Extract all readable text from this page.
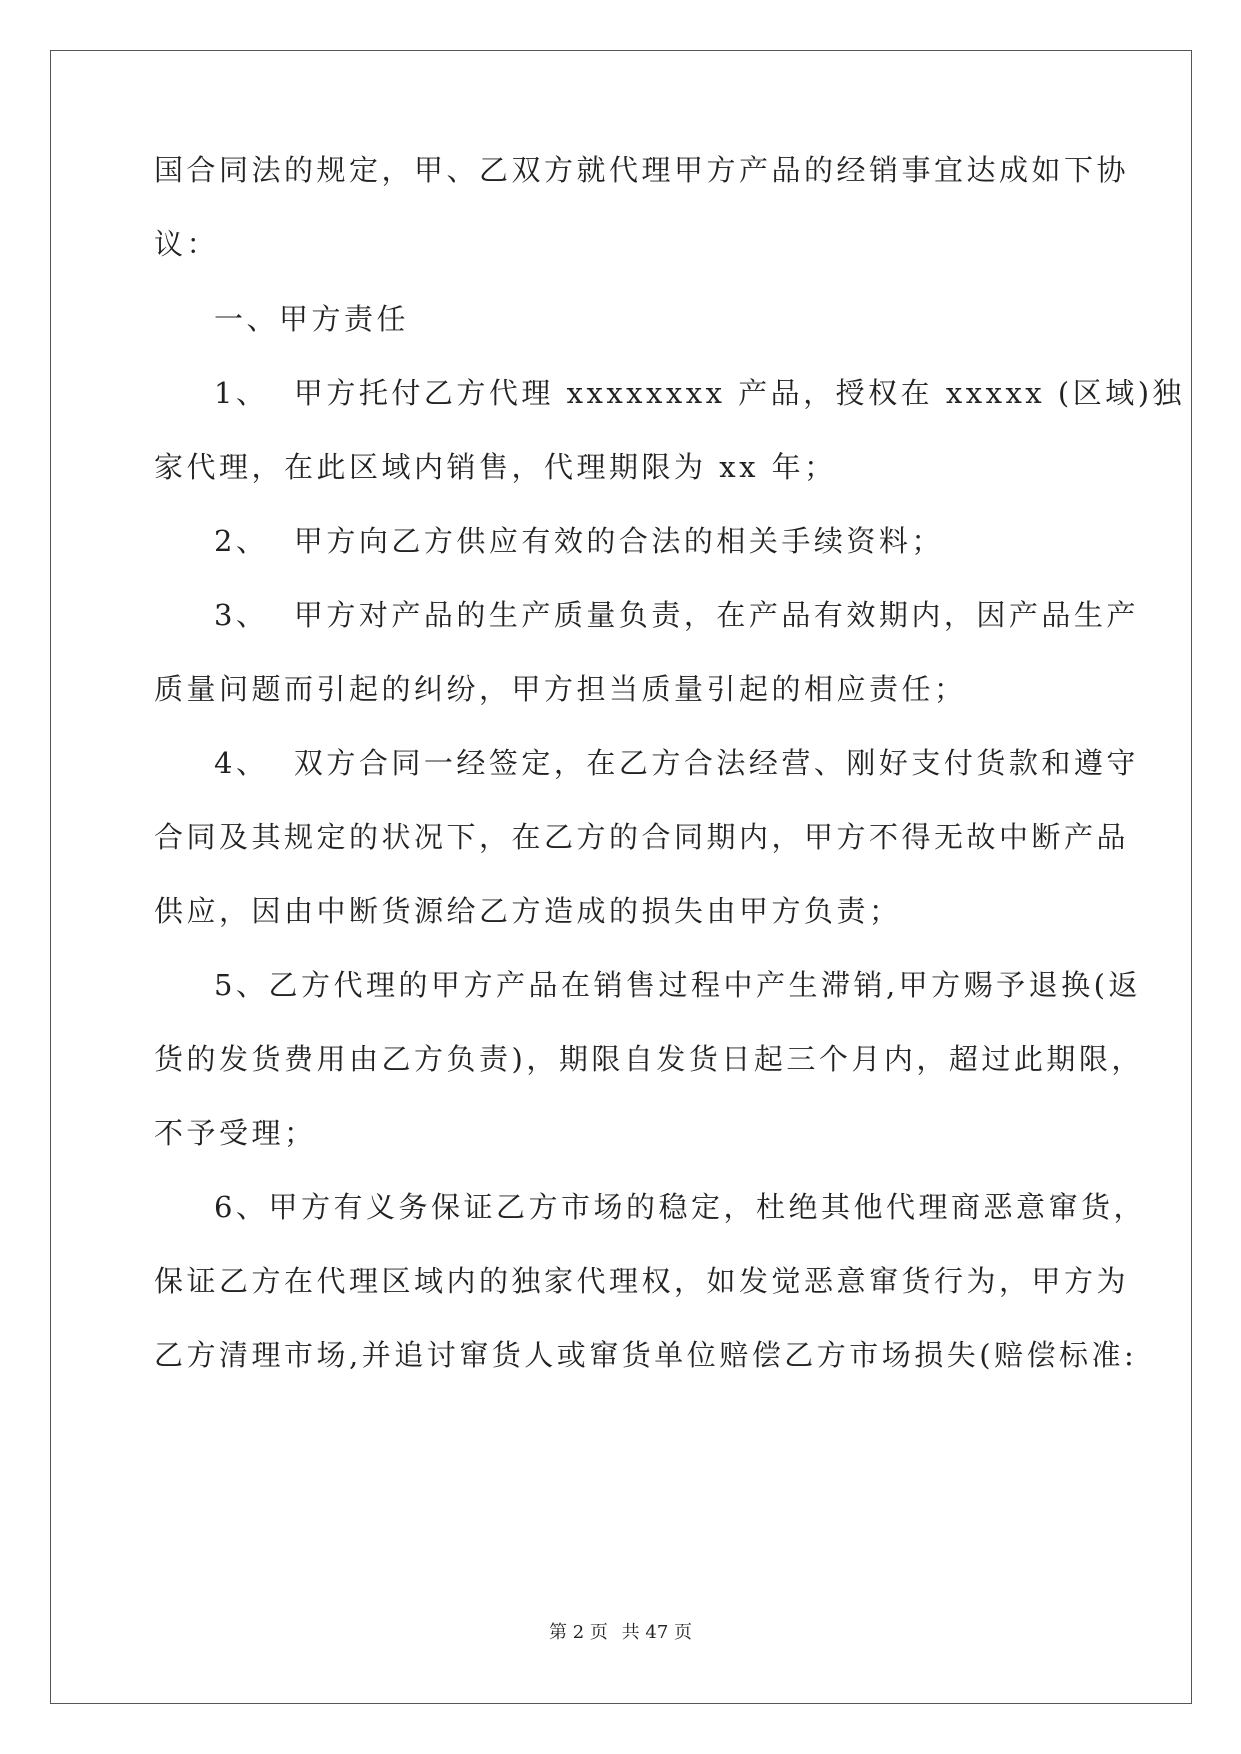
国合同法的规定，甲、乙双方就代理甲方产品的经销事宜达成如下协
议：
一、甲方责任
1、  甲方托付乙方代理 xxxxxxxx 产品，授权在 xxxxx (区域)独
家代理，在此区域内销售，代理期限为 xx 年；
2、  甲方向乙方供应有效的合法的相关手续资料；
3、  甲方对产品的生产质量负责，在产品有效期内，因产品生产
质量问题而引起的纠纷，甲方担当质量引起的相应责任；
4、  双方合同一经签定，在乙方合法经营、刚好支付货款和遵守
合同及其规定的状况下，在乙方的合同期内，甲方不得无故中断产品
供应，因由中断货源给乙方造成的损失由甲方负责；
5、乙方代理的甲方产品在销售过程中产生滞销,甲方赐予退换(返
货的发货费用由乙方负责)，期限自发货日起三个月内，超过此期限，
不予受理；
6、甲方有义务保证乙方市场的稳定，杜绝其他代理商恶意窜货，
保证乙方在代理区域内的独家代理权，如发觉恶意窜货行为，甲方为
乙方清理市场,并追讨窜货人或窜货单位赔偿乙方市场损失(赔偿标准:
第 2 页 共 47 页
